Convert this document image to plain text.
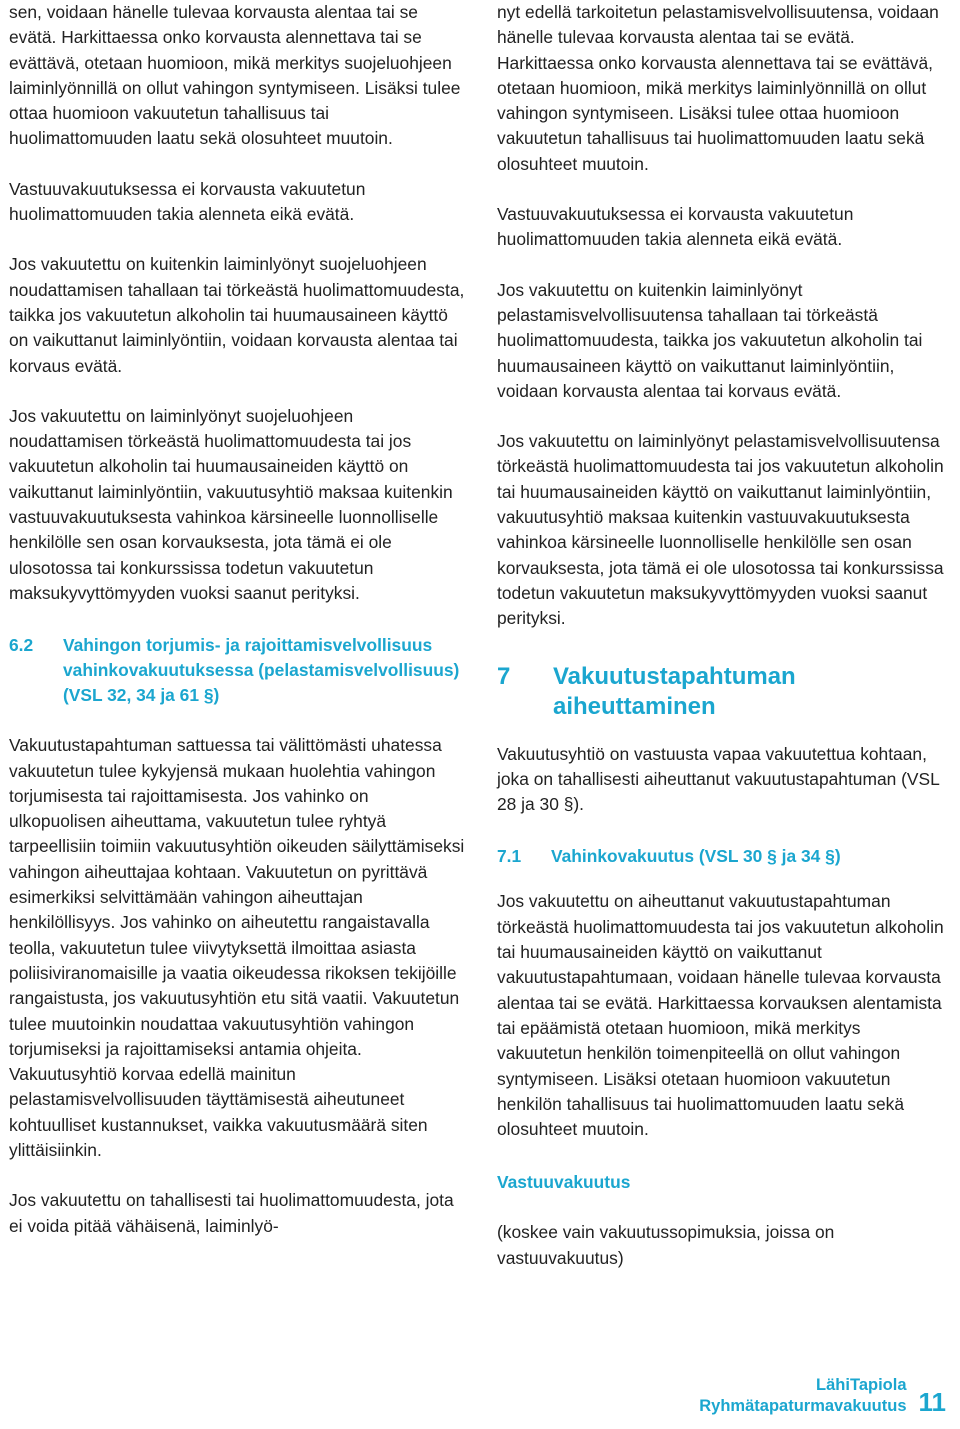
sen, voidaan hänelle tulevaa korvausta alentaa tai se evätä. Harkittaessa onko korvausta alennettava tai se evättävä, otetaan huomioon, mikä merkitys suojeluohjeen laiminlyönnillä on ollut vahingon syntymiseen. Lisäksi tulee ottaa huomioon vakuutetun tahallisuus tai huolimattomuuden laatu sekä olosuhteet muutoin.

Vastuuvakuutuksessa ei korvausta vakuutetun huolimattomuuden takia alenneta eikä evätä.

Jos vakuutettu on kuitenkin laiminlyönyt suojeluohjeen noudattamisen tahallaan tai törkeästä huolimattomuudesta, taikka jos vakuutetun alkoholin tai huumausaineen käyttö on vaikuttanut laiminlyöntiin, voidaan korvausta alentaa tai korvaus evätä.

Jos vakuutettu on laiminlyönyt suojeluohjeen noudattamisen törkeästä huolimattomuudesta tai jos vakuutetun alkoholin tai huumausaineiden käyttö on vaikuttanut laiminlyöntiin, vakuutusyhtiö maksaa kuitenkin vastuuvakuutuksesta vahinkoa kärsineelle luonnolliselle henkilölle sen osan korvauksesta, jota tämä ei ole ulosotossa tai konkurssissa todetun vakuutetun maksukyvyttömyyden vuoksi saanut perityksi.

6.2	Vahingon torjumis- ja rajoittamisvelvollisuus vahinkovakuutuksessa (pelastamisvelvollisuus) (VSL 32, 34 ja 61 §)

Vakuutustapahtuman sattuessa tai välittömästi uhatessa vakuutetun tulee kykyjensä mukaan huolehtia vahingon torjumisesta tai rajoittamisesta. Jos vahinko on ulkopuolisen aiheuttama, vakuutetun tulee ryhtyä tarpeellisiin toimiin vakuutusyhtiön oikeuden säilyttämiseksi vahingon aiheuttajaa kohtaan. Vakuutetun on pyrittävä esimerkiksi selvittämään vahingon aiheuttajan henkilöllisyys. Jos vahinko on aiheutettu rangaistavalla teolla, vakuutetun tulee viivytyksettä ilmoittaa asiasta poliisiviranomaisille ja vaatia oikeudessa rikoksen tekijöille rangaistusta, jos vakuutusyhtiön etu sitä vaatii. Vakuutetun tulee muutoinkin noudattaa vakuutusyhtiön vahingon torjumiseksi ja rajoittamiseksi antamia ohjeita. Vakuutusyhtiö korvaa edellä mainitun pelastamisvelvollisuuden täyttämisestä aiheutuneet kohtuulliset kustannukset, vaikka vakuutusmäärä siten ylittäisiinkin.

Jos vakuutettu on tahallisesti tai huolimattomuudesta, jota ei voida pitää vähäisenä, laiminlyö-

nyt edellä tarkoitetun pelastamisvelvollisuutensa, voidaan hänelle tulevaa korvausta alentaa tai se evätä. Harkittaessa onko korvausta alennettava tai se evättävä, otetaan huomioon, mikä merkitys laiminlyönnillä on ollut vahingon syntymiseen. Lisäksi tulee ottaa huomioon vakuutetun tahallisuus tai huolimattomuuden laatu sekä olosuhteet muutoin.

Vastuuvakuutuksessa ei korvausta vakuutetun huolimattomuuden takia alenneta eikä evätä.

Jos vakuutettu on kuitenkin laiminlyönyt pelastamisvelvollisuutensa tahallaan tai törkeästä huolimattomuudesta, taikka jos vakuutetun alkoholin tai huumausaineen käyttö on vaikuttanut laiminlyöntiin, voidaan korvausta alentaa tai korvaus evätä.

Jos vakuutettu on laiminlyönyt pelastamisvelvollisuutensa törkeästä huolimattomuudesta tai jos vakuutetun alkoholin tai huumausaineiden käyttö on vaikuttanut laiminlyöntiin, vakuutusyhtiö maksaa kuitenkin vastuuvakuutuksesta vahinkoa kärsineelle luonnolliselle henkilölle sen osan korvauksesta, jota tämä ei ole ulosotossa tai konkurssissa todetun vakuutetun maksukyvyttömyyden vuoksi saanut perityksi.

7	Vakuutustapahtuman aiheuttaminen

Vakuutusyhtiö on vastuusta vapaa vakuutettua kohtaan, joka on tahallisesti aiheuttanut vakuutustapahtuman (VSL 28 ja 30 §).

7.1	Vahinkovakuutus (VSL 30 § ja 34 §)

Jos vakuutettu on aiheuttanut vakuutustapahtuman törkeästä huolimattomuudesta tai jos vakuutetun alkoholin tai huumausaineiden käyttö on vaikuttanut vakuutustapahtumaan, voidaan hänelle tulevaa korvausta alentaa tai se evätä. Harkittaessa korvauksen alentamista tai epäämistä otetaan huomioon, mikä merkitys vakuutetun henkilön toimenpiteellä on ollut vahingon syntymiseen. Lisäksi otetaan huomioon vakuutetun henkilön tahallisuus tai huolimattomuuden laatu sekä olosuhteet muutoin.

Vastuuvakuutus

(koskee vain vakuutussopimuksia, joissa on vastuuvakuutus)

LähiTapiola
Ryhmätapaturmavakuutus 11
